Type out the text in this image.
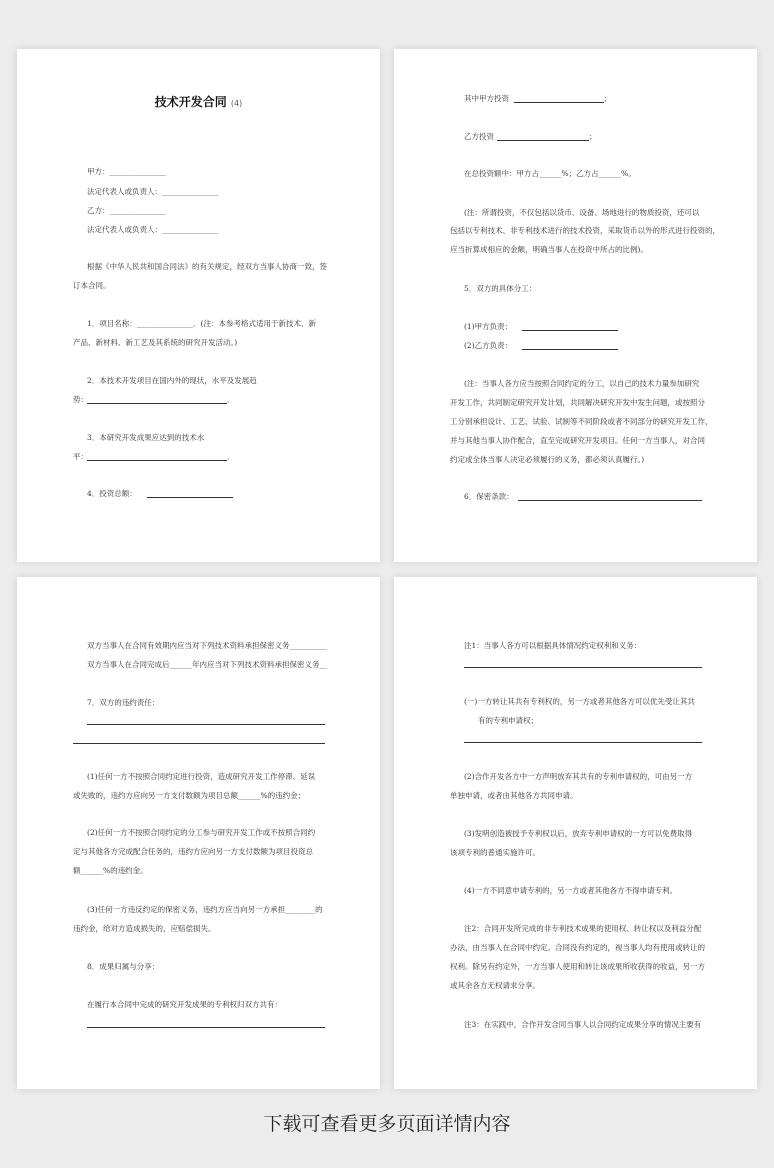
技术开发合同 (4)
甲方：_______________
法定代表人或负责人：_______________
乙方：_______________
法定代表人或负责人：_______________
根据《中华人民共和国合同法》的有关规定，经双方当事人协商一致，签
订本合同。
1．项目名称：_______________．(注：本参考格式适用于新技术、新
产品、新材料、新工艺及其系统的研究开发活动。)
2．本技术开发项目在国内外的现状，水平及发展趋
势：	．
3．本研究开发成果应达到的技术水
平：	．
4．投资总额：
其中甲方投资	；
乙方投资	；
在总投资额中：甲方占______%；乙方占______%。
(注：所谓投资，不仅包括以货币、设备、场地进行的物质投资，还可以
包括以专利技术、非专利技术进行的技术投资，采取货币以外的形式进行投资的，
应当折算成相应的金额，明确当事人在投资中所占的比例)。
5．双方的具体分工：
(1)甲方负责：
(2)乙方负责：
(注：当事人各方应当按照合同约定的分工，以自己的技术力量参加研究
开发工作，共同制定研究开发计划，共同解决研究开发中发生问题，或按照分
工分别承担设计、工艺、试验、试制等不同阶段或者不同部分的研究开发工作，
并与其他当事人协作配合，直至完成研究开发项目。任何一方当事人，对合同
约定或全体当事人决定必须履行的义务，都必须认真履行。)
6．保密条款：
双方当事人在合同有效期内应当对下列技术资料承担保密义务__________
双方当事人在合同完成后______年内应当对下列技术资料承担保密义务__
7．双方的违约责任：
(1)任何一方不按照合同约定进行投资，造成研究开发工作停滞、延误
或失败的，违约方应向另一方支付数额为项目总额______%的违约金；
(2)任何一方不按照合同约定的分工参与研究开发工作或不按照合同约
定与其他各方完成配合任务的，违约方应向另一方支付数额为项目投资总
额______%的违约金。
(3)任何一方违反约定的保密义务，违约方应当向另一方承担________的
违约金，给对方造成损失的，应赔偿损失。
8．成果归属与分享：
在履行本合同中完成的研究开发成果的专利权归双方共有：
注1：当事人各方可以根据具体情况约定权利和义务：
(一)一方转让其共有专利权的，另一方或者其他各方可以优先受让其共
有的专利申请权；
(2)合作开发各方中一方声明放弃其共有的专利申请权的，可由另一方
单独申请，或者由其他各方共同申请。
(3)发明创造被授予专利权以后，放弃专利申请权的一方可以免费取得
该项专利的普通实施许可。
(4)一方不同意申请专利的，另一方或者其他各方不得申请专利。
注2：合同开发所完成的非专利技术成果的使用权、转让权以及利益分配
办法，由当事人在合同中约定。合同没有约定的，视当事人均有使用或转让的
权利。除另有约定外，一方当事人使用和转让该成果所收获得的收益，另一方
或其余各方无权请求分享。
注3：在实践中，合作开发合同当事人以合同约定成果分享的情况主要有
下载可查看更多页面详情内容
